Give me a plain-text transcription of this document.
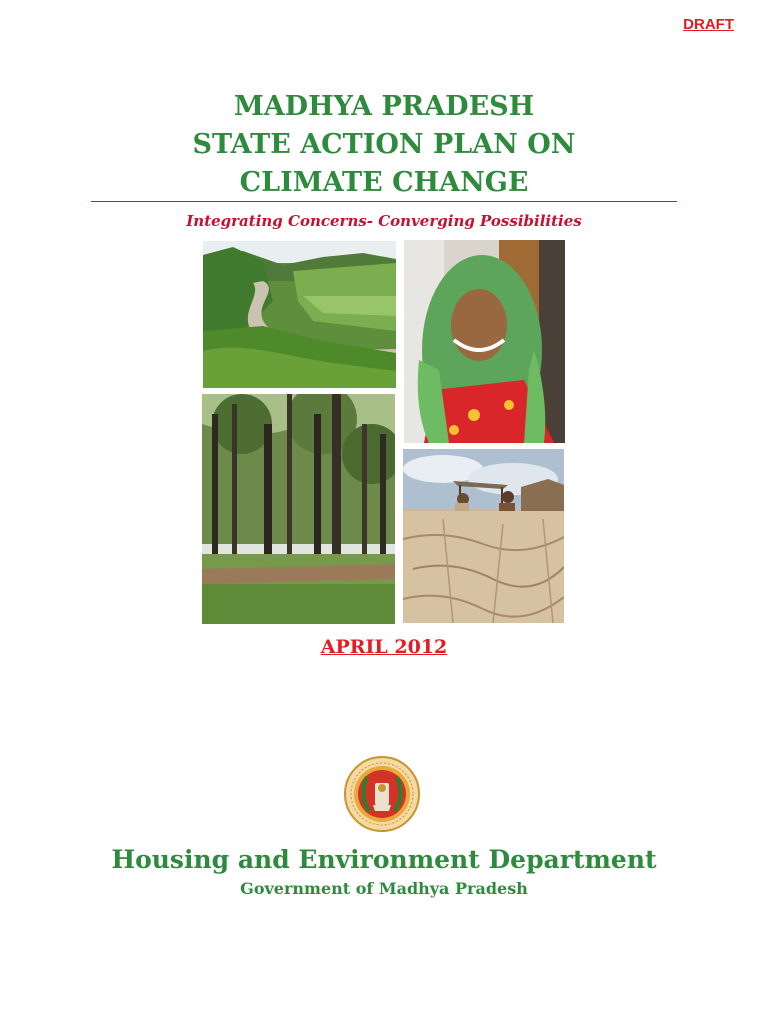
DRAFT
MADHYA PRADESH
STATE ACTION PLAN ON
CLIMATE CHANGE
Integrating Concerns- Converging Possibilities
APRIL 2012
Housing and Environment Department
Government of Madhya Pradesh
